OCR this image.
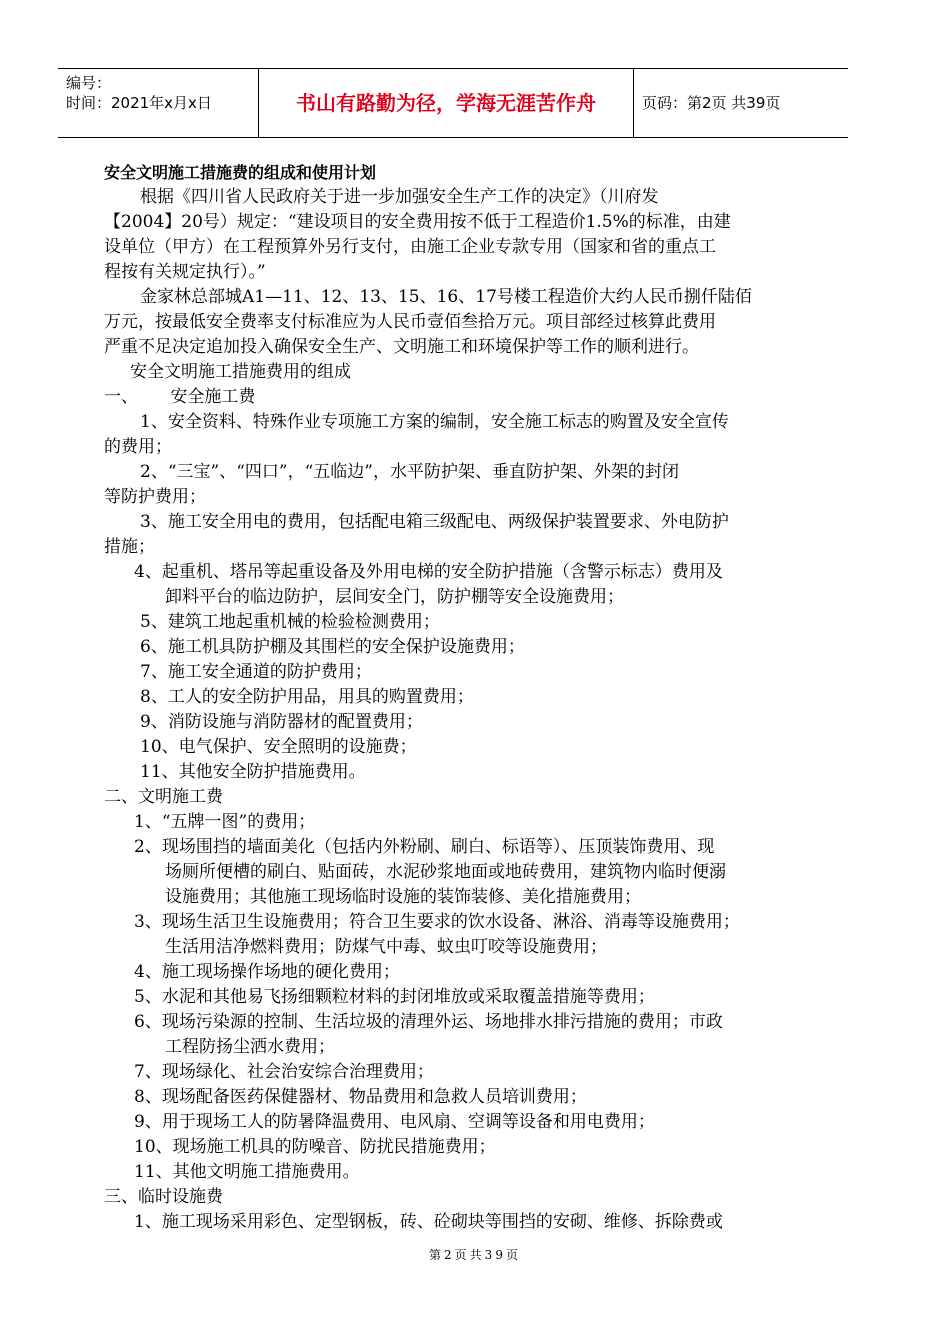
编号：
时间：2021年x月x日	书山有路勤为径，学海无涯苦作舟	页码：第2页 共39页
安全文明施工措施费的组成和使用计划
根据《四川省人民政府关于进一步加强安全生产工作的决定》（川府发
【2004】20号）规定：“建设项目的安全费用按不低于工程造价1.5%的标准，由建
设单位（甲方）在工程预算外另行支付，由施工企业专款专用（国家和省的重点工
程按有关规定执行）。”
金家林总部城A1—11、12、13、15、16、17号楼工程造价大约人民币捌仟陆佰
万元，按最低安全费率支付标准应为人民币壹佰叁拾万元。项目部经过核算此费用
严重不足决定追加投入确保安全生产、文明施工和环境保护等工作的顺利进行。
安全文明施工措施费用的组成
一、      安全施工费
1、安全资料、特殊作业专项施工方案的编制，安全施工标志的购置及安全宣传
的费用；
2、“三宝”、“四口”，“五临边”，水平防护架、垂直防护架、外架的封闭
等防护费用；
3、施工安全用电的费用，包括配电箱三级配电、两级保护装置要求、外电防护
措施；
4、起重机、塔吊等起重设备及外用电梯的安全防护措施（含警示标志）费用及
卸料平台的临边防护，层间安全门，防护棚等安全设施费用；
5、建筑工地起重机械的检验检测费用；
6、施工机具防护棚及其围栏的安全保护设施费用；
7、施工安全通道的防护费用；
8、工人的安全防护用品，用具的购置费用；
9、消防设施与消防器材的配置费用；
10、电气保护、安全照明的设施费；
11、其他安全防护措施费用。
二、文明施工费
1、“五牌一图”的费用；
2、现场围挡的墙面美化（包括内外粉刷、刷白、标语等）、压顶装饰费用、现
场厕所便槽的刷白、贴面砖，水泥砂浆地面或地砖费用，建筑物内临时便溺
设施费用；其他施工现场临时设施的装饰装修、美化措施费用；
3、现场生活卫生设施费用；符合卫生要求的饮水设备、淋浴、消毒等设施费用；
生活用洁净燃料费用；防煤气中毒、蚊虫叮咬等设施费用；
4、施工现场操作场地的硬化费用；
5、水泥和其他易飞扬细颗粒材料的封闭堆放或采取覆盖措施等费用；
6、现场污染源的控制、生活垃圾的清理外运、场地排水排污措施的费用；市政
工程防扬尘洒水费用；
7、现场绿化、社会治安综合治理费用；
8、现场配备医药保健器材、物品费用和急救人员培训费用；
9、用于现场工人的防暑降温费用、电风扇、空调等设备和用电费用；
10、现场施工机具的防噪音、防扰民措施费用；
11、其他文明施工措施费用。
三、临时设施费
1、施工现场采用彩色、定型钢板，砖、砼砌块等围挡的安砌、维修、拆除费或
第2页共39页
